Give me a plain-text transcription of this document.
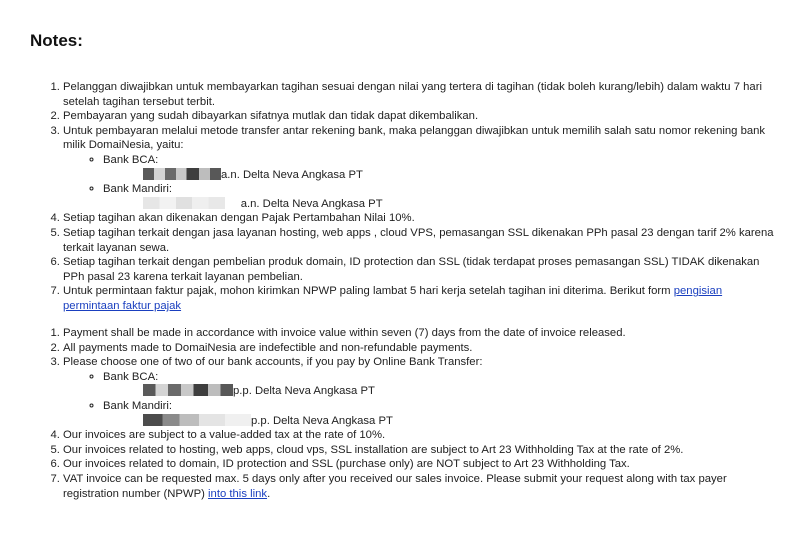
Notes:
1. Pelanggan diwajibkan untuk membayarkan tagihan sesuai dengan nilai yang tertera di tagihan (tidak boleh kurang/lebih) dalam waktu 7 hari setelah tagihan tersebut terbit.
2. Pembayaran yang sudah dibayarkan sifatnya mutlak dan tidak dapat dikembalikan.
3. Untuk pembayaran melalui metode transfer antar rekening bank, maka pelanggan diwajibkan untuk memilih salah satu nomor rekening bank milik DomaiNesia, yaitu:
◦ Bank BCA:
a.n. Delta Neva Angkasa PT
◦ Bank Mandiri:
a.n. Delta Neva Angkasa PT
4. Setiap tagihan akan dikenakan dengan Pajak Pertambahan Nilai 10%.
5. Setiap tagihan terkait dengan jasa layanan hosting, web apps , cloud VPS, pemasangan SSL dikenakan PPh pasal 23 dengan tarif 2% karena terkait layanan sewa.
6. Setiap tagihan terkait dengan pembelian produk domain, ID protection dan SSL (tidak terdapat proses pemasangan SSL) TIDAK dikenakan PPh pasal 23 karena terkait layanan pembelian.
7. Untuk permintaan faktur pajak, mohon kirimkan NPWP paling lambat 5 hari kerja setelah tagihan ini diterima. Berikut form pengisian permintaan faktur pajak
1. Payment shall be made in accordance with invoice value within seven (7) days from the date of invoice released.
2. All payments made to DomaiNesia are indefectible and non-refundable payments.
3. Please choose one of two of our bank accounts, if you pay by Online Bank Transfer:
◦ Bank BCA:
p.p. Delta Neva Angkasa PT
◦ Bank Mandiri:
p.p. Delta Neva Angkasa PT
4. Our invoices are subject to a value-added tax at the rate of 10%.
5. Our invoices related to hosting, web apps, cloud vps, SSL installation are subject to Art 23 Withholding Tax at the rate of 2%.
6. Our invoices related to domain, ID protection and SSL (purchase only) are NOT subject to Art 23 Withholding Tax.
7. VAT invoice can be requested max. 5 days only after you received our sales invoice. Please submit your request along with tax payer registration number (NPWP) into this link.
